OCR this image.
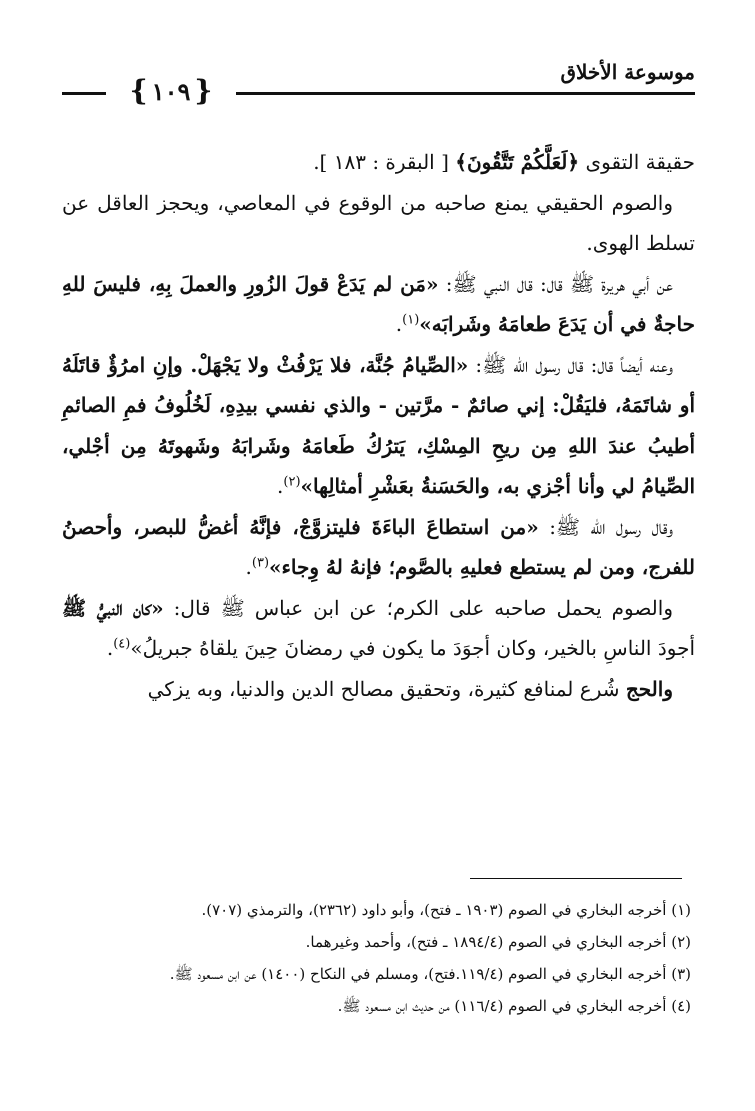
موسوعة الأخلاق
{
١٠٩
}

حقيقة التقوى ﴿لَعَلَّكُمْ تَتَّقُونَ﴾ [ البقرة : ١٨٣ ].

والصوم الحقيقي يمنع صاحبه من الوقوع في المعاصي، ويحجز العاقل عن تسلط الهوى.

عن أبي هريرة ﷺ قال: قال النبي ﷺ: «مَن لم يَدَعْ قولَ الزُورِ والعملَ بِهِ، فليسَ للهِ حاجةٌ في أن يَدَعَ طعامَهُ وشَرابَه»$^{(١)}$.

وعنه أيضاً قال: قال رسول الله ﷺ: «الصِّيامُ جُنَّة، فلا يَرْفُثْ ولا يَجْهَلْ. وإنِ امرُؤٌ قاتَلَهُ أو شاتَمَهُ، فليَقُلْ: إني صائمٌ - مرَّتين - والذي نفسي بيدِهِ، لَخُلُوفُ فمِ الصائمِ أطيبُ عندَ اللهِ مِن ريحِ المِسْكِ، يَترُكُ طَعامَهُ وشَرابَهُ وشَهوتَهُ مِن أجْلي، الصِّيامُ لي وأنا أجْزي به، والحَسَنةُ بعَشْرِ أمثالِها»$^{(٢)}$.

وقال رسول الله ﷺ: «من استطاعَ الباءَةَ فليتزوَّجْ، فإنَّهُ أغضُّ للبصر، وأحصنُ للفرج، ومن لم يستطع فعليهِ بالصَّوم؛ فإنهُ لهُ وِجاء»$^{(٣)}$.

والصوم يحمل صاحبه على الكرم؛ عن ابن عباس ﷺ قال: «كان النبيُّ ﷺ أجودَ الناسِ بالخير، وكان أجوَدَ ما يكون في رمضانَ حِينَ يلقاهُ جبريلُ»$^{(٤)}$.

والحج شُرع لمنافع كثيرة، وتحقيق مصالح الدين والدنيا، وبه يزكي

(١) أخرجه البخاري في الصوم (١٩٠٣ ـ فتح)، وأبو داود (٢٣٦٢)، والترمذي (٧٠٧).

(٢) أخرجه البخاري في الصوم (١٨٩٤/٤ ـ فتح)، وأحمد وغيرهما.

(٣) أخرجه البخاري في الصوم (١١٩/٤.فتح)، ومسلم في النكاح (١٤٠٠) عن ابن مسعود ﷺ.

(٤) أخرجه البخاري في الصوم (١١٦/٤) من حديث ابن مسعود ﷺ.
